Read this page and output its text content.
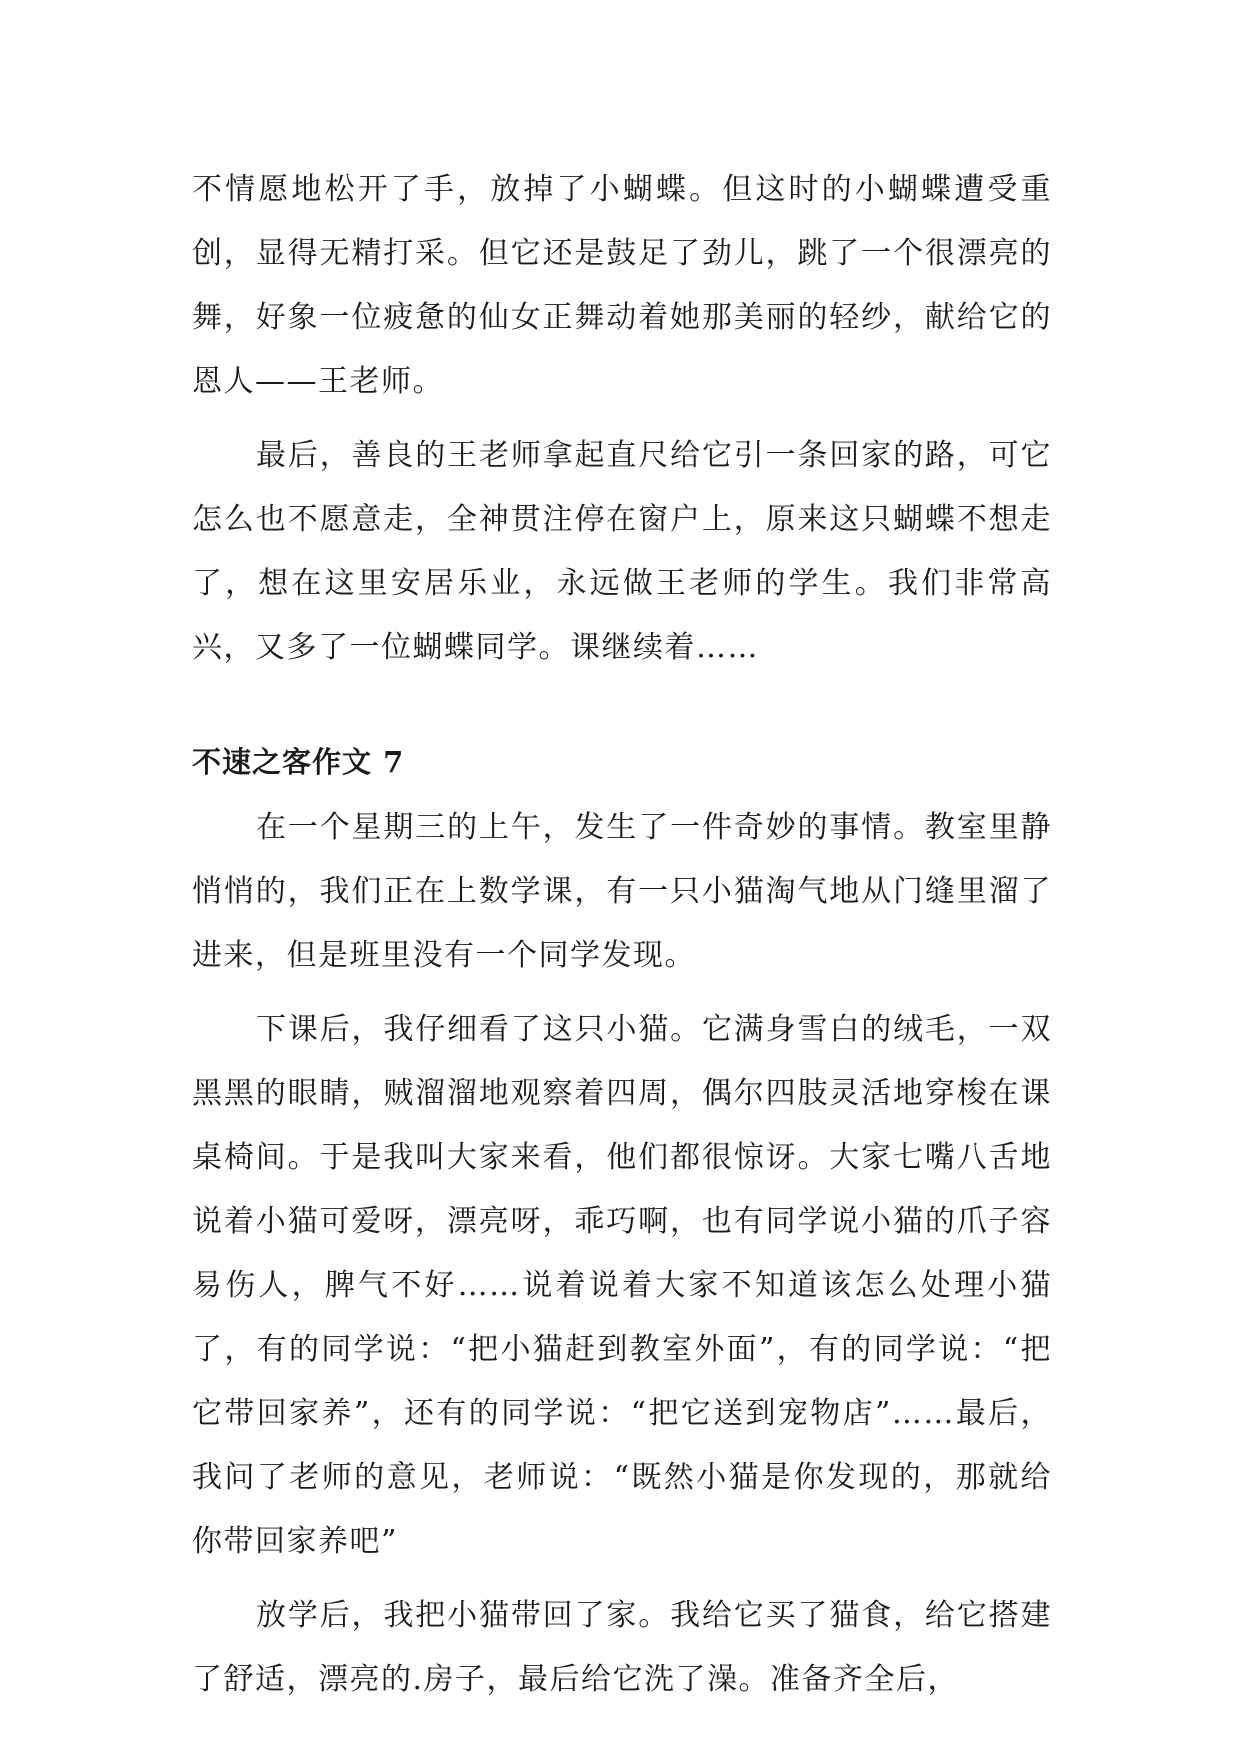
不情愿地松开了手，放掉了小蝴蝶。但这时的小蝴蝶遭受重创，显得无精打采。但它还是鼓足了劲儿，跳了一个很漂亮的舞，好象一位疲惫的仙女正舞动着她那美丽的轻纱，献给它的恩人——王老师。

最后，善良的王老师拿起直尺给它引一条回家的路，可它怎么也不愿意走，全神贯注停在窗户上，原来这只蝴蝶不想走了，想在这里安居乐业，永远做王老师的学生。我们非常高兴，又多了一位蝴蝶同学。课继续着……

不速之客作文 7

在一个星期三的上午，发生了一件奇妙的事情。教室里静悄悄的，我们正在上数学课，有一只小猫淘气地从门缝里溜了进来，但是班里没有一个同学发现。

下课后，我仔细看了这只小猫。它满身雪白的绒毛，一双黑黑的眼睛，贼溜溜地观察着四周，偶尔四肢灵活地穿梭在课桌椅间。于是我叫大家来看，他们都很惊讶。大家七嘴八舌地说着小猫可爱呀，漂亮呀，乖巧啊，也有同学说小猫的爪子容易伤人，脾气不好……说着说着大家不知道该怎么处理小猫了，有的同学说：“把小猫赶到教室外面”，有的同学说：“把它带回家养”，还有的同学说：“把它送到宠物店”……最后，我问了老师的意见，老师说：“既然小猫是你发现的，那就给你带回家养吧”

放学后，我把小猫带回了家。我给它买了猫食，给它搭建了舒适，漂亮的.房子，最后给它洗了澡。准备齐全后，
